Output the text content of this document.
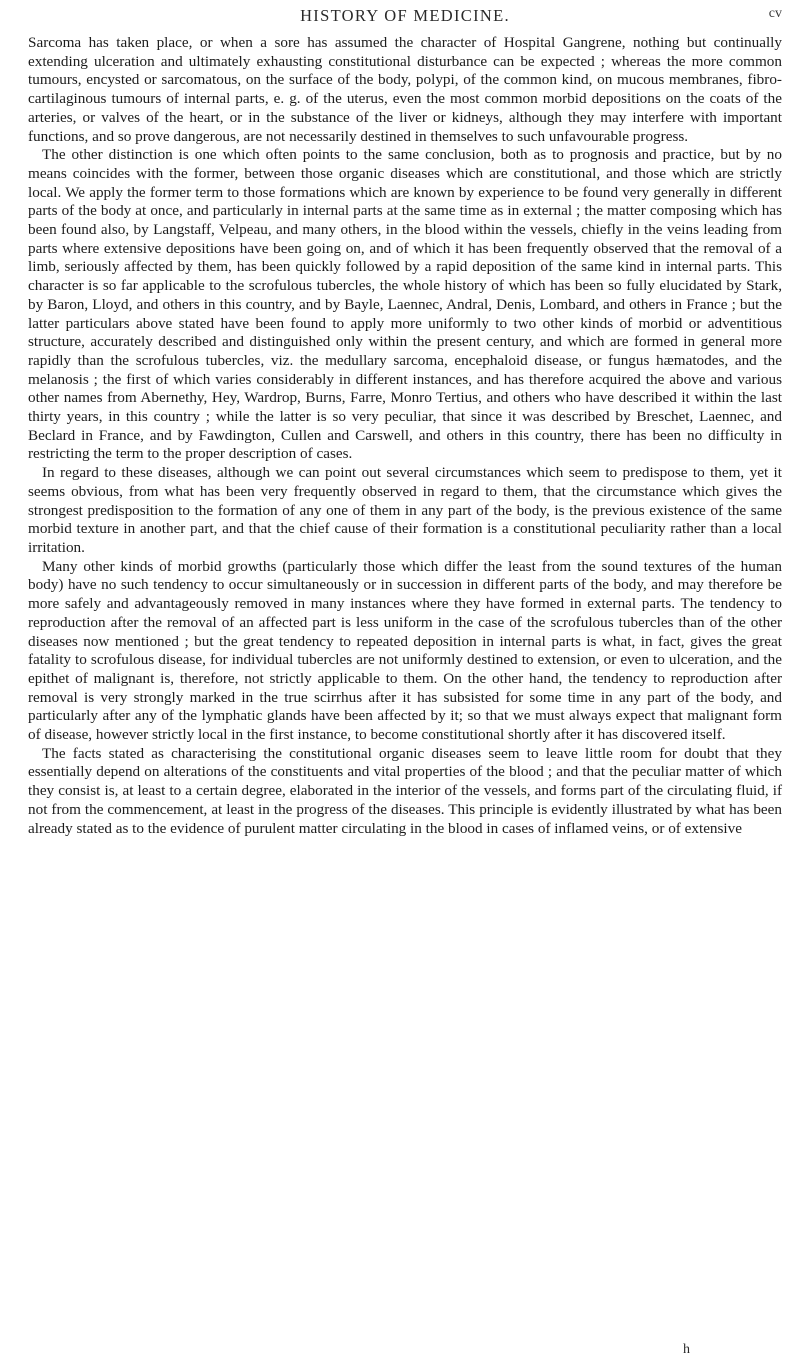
HISTORY OF MEDICINE.	cv

Sarcoma has taken place, or when a sore has assumed the character of Hospital Gangrene, nothing but continually extending ulceration and ultimately exhausting constitutional disturbance can be expected ; whereas the more common tumours, encysted or sarcomatous, on the surface of the body, polypi, of the common kind, on mucous membranes, fibro-cartilaginous tumours of internal parts, e. g. of the uterus, even the most common morbid depositions on the coats of the arteries, or valves of the heart, or in the substance of the liver or kidneys, although they may interfere with important functions, and so prove dangerous, are not necessarily destined in themselves to such unfavourable progress.

The other distinction is one which often points to the same conclusion, both as to prognosis and practice, but by no means coincides with the former, between those organic diseases which are constitutional, and those which are strictly local. We apply the former term to those formations which are known by experience to be found very generally in different parts of the body at once, and particularly in internal parts at the same time as in external ; the matter composing which has been found also, by Langstaff, Velpeau, and many others, in the blood within the vessels, chiefly in the veins leading from parts where extensive depositions have been going on, and of which it has been frequently observed that the removal of a limb, seriously affected by them, has been quickly followed by a rapid deposition of the same kind in internal parts. This character is so far applicable to the scrofulous tubercles, the whole history of which has been so fully elucidated by Stark, by Baron, Lloyd, and others in this country, and by Bayle, Laennec, Andral, Denis, Lombard, and others in France ; but the latter particulars above stated have been found to apply more uniformly to two other kinds of morbid or adventitious structure, accurately described and distinguished only within the present century, and which are formed in general more rapidly than the scrofulous tubercles, viz. the medullary sarcoma, encephaloid disease, or fungus hæmatodes, and the melanosis ; the first of which varies considerably in different instances, and has therefore acquired the above and various other names from Abernethy, Hey, Wardrop, Burns, Farre, Monro Tertius, and others who have described it within the last thirty years, in this country ; while the latter is so very peculiar, that since it was described by Breschet, Laennec, and Beclard in France, and by Fawdington, Cullen and Carswell, and others in this country, there has been no difficulty in restricting the term to the proper description of cases.

In regard to these diseases, although we can point out several circumstances which seem to predispose to them, yet it seems obvious, from what has been very frequently observed in regard to them, that the circumstance which gives the strongest predisposition to the formation of any one of them in any part of the body, is the previous existence of the same morbid texture in another part, and that the chief cause of their formation is a constitutional peculiarity rather than a local irritation.

Many other kinds of morbid growths (particularly those which differ the least from the sound textures of the human body) have no such tendency to occur simultaneously or in succession in different parts of the body, and may therefore be more safely and advantageously removed in many instances where they have formed in external parts. The tendency to reproduction after the removal of an affected part is less uniform in the case of the scrofulous tubercles than of the other diseases now mentioned ; but the great tendency to repeated deposition in internal parts is what, in fact, gives the great fatality to scrofulous disease, for individual tubercles are not uniformly destined to extension, or even to ulceration, and the epithet of malignant is, therefore, not strictly applicable to them. On the other hand, the tendency to reproduction after removal is very strongly marked in the true scirrhus after it has subsisted for some time in any part of the body, and particularly after any of the lymphatic glands have been affected by it; so that we must always expect that malignant form of disease, however strictly local in the first instance, to become constitutional shortly after it has discovered itself.

The facts stated as characterising the constitutional organic diseases seem to leave little room for doubt that they essentially depend on alterations of the constituents and vital properties of the blood ; and that the peculiar matter of which they consist is, at least to a certain degree, elaborated in the interior of the vessels, and forms part of the circulating fluid, if not from the commencement, at least in the progress of the diseases. This principle is evidently illustrated by what has been already stated as to the evidence of purulent matter circulating in the blood in cases of inflamed veins, or of extensive

h
